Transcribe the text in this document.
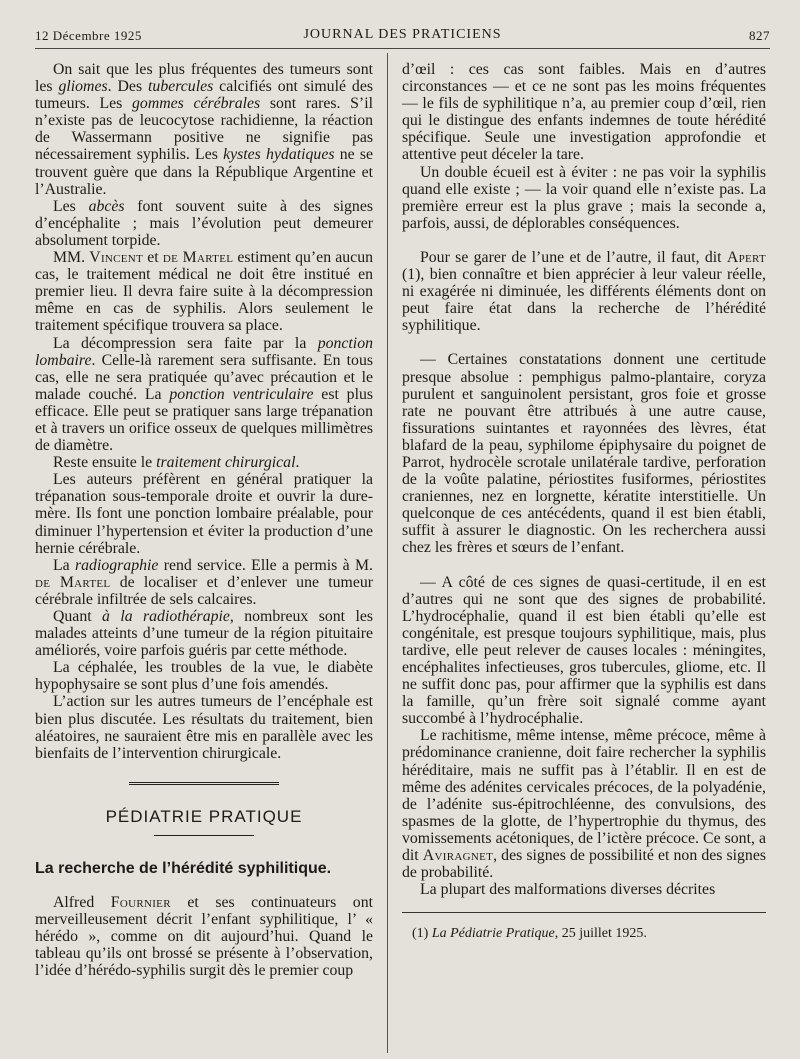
12 Décembre 1925	JOURNAL DES PRATICIENS	827

On sait que les plus fréquentes des tumeurs sont les gliomes. Des tubercules calcifiés ont simulé des tumeurs. Les gommes cérébrales sont rares. S’il n’existe pas de leucocytose rachidienne, la réaction de Wassermann positive ne signifie pas nécessairement syphilis. Les kystes hydatiques ne se trouvent guère que dans la République Argentine et l’Australie.

Les abcès font souvent suite à des signes d’encéphalite ; mais l’évolution peut demeurer absolument torpide.

MM. Vincent et de Martel estiment qu’en aucun cas, le traitement médical ne doit être institué en premier lieu. Il devra faire suite à la décompression même en cas de syphilis. Alors seulement le traitement spécifique trouvera sa place.

La décompression sera faite par la ponction lombaire. Celle-là rarement sera suffisante. En tous cas, elle ne sera pratiquée qu’avec précaution et le malade couché. La ponction ventriculaire est plus efficace. Elle peut se pratiquer sans large trépanation et à travers un orifice osseux de quelques millimètres de diamètre.

Reste ensuite le traitement chirurgical.

Les auteurs préfèrent en général pratiquer la trépanation sous-temporale droite et ouvrir la dure-mère. Ils font une ponction lombaire préalable, pour diminuer l’hypertension et éviter la production d’une hernie cérébrale.

La radiographie rend service. Elle a permis à M. de Martel de localiser et d’enlever une tumeur cérébrale infiltrée de sels calcaires.

Quant à la radiothérapie, nombreux sont les malades atteints d’une tumeur de la région pituitaire améliorés, voire parfois guéris par cette méthode.

La céphalée, les troubles de la vue, le diabète hypophysaire se sont plus d’une fois amendés.

L’action sur les autres tumeurs de l’encéphale est bien plus discutée. Les résultats du traitement, bien aléatoires, ne sauraient être mis en parallèle avec les bienfaits de l’intervention chirurgicale.

PÉDIATRIE PRATIQUE
La recherche de l’hérédité syphilitique.

Alfred Fournier et ses continuateurs ont merveilleusement décrit l’enfant syphilitique, l’ « hérédo », comme on dit aujourd’hui. Quand le tableau qu’ils ont brossé se présente à l’observation, l’idée d’hérédo-syphilis surgit dès le premier coup

d’œil : ces cas sont faibles. Mais en d’autres circonstances — et ce ne sont pas les moins fréquentes — le fils de syphilitique n’a, au premier coup d’œil, rien qui le distingue des enfants indemnes de toute hérédité spécifique. Seule une investigation approfondie et attentive peut déceler la tare.

Un double écueil est à éviter : ne pas voir la syphilis quand elle existe ; — la voir quand elle n’existe pas. La première erreur est la plus grave ; mais la seconde a, parfois, aussi, de déplorables conséquences.

Pour se garer de l’une et de l’autre, il faut, dit Apert (1), bien connaître et bien apprécier à leur valeur réelle, ni exagérée ni diminuée, les différents éléments dont on peut faire état dans la recherche de l’hérédité syphilitique.

— Certaines constatations donnent une certitude presque absolue : pemphigus palmo-plantaire, coryza purulent et sanguinolent persistant, gros foie et grosse rate ne pouvant être attribués à une autre cause, fissurations suintantes et rayonnées des lèvres, état blafard de la peau, syphilome épiphysaire du poignet de Parrot, hydrocèle scrotale unilatérale tardive, perforation de la voûte palatine, périostites fusiformes, périostites craniennes, nez en lorgnette, kératite interstitielle. Un quelconque de ces antécédents, quand il est bien établi, suffit à assurer le diagnostic. On les recherchera aussi chez les frères et sœurs de l’enfant.

— A côté de ces signes de quasi-certitude, il en est d’autres qui ne sont que des signes de probabilité. L’hydrocéphalie, quand il est bien établi qu’elle est congénitale, est presque toujours syphilitique, mais, plus tardive, elle peut relever de causes locales : méningites, encéphalites infectieuses, gros tubercules, gliome, etc. Il ne suffit donc pas, pour affirmer que la syphilis est dans la famille, qu’un frère soit signalé comme ayant succombé à l’hydrocéphalie.

Le rachitisme, même intense, même précoce, même à prédominance cranienne, doit faire rechercher la syphilis héréditaire, mais ne suffit pas à l’établir. Il en est de même des adénites cervicales précoces, de la polyadénie, de l’adénite sus-épitrochléenne, des convulsions, des spasmes de la glotte, de l’hypertrophie du thymus, des vomissements acétoniques, de l’ictère précoce. Ce sont, a dit Aviragnet, des signes de possibilité et non des signes de probabilité.

La plupart des malformations diverses décrites

(1) La Pédiatrie Pratique, 25 juillet 1925.
